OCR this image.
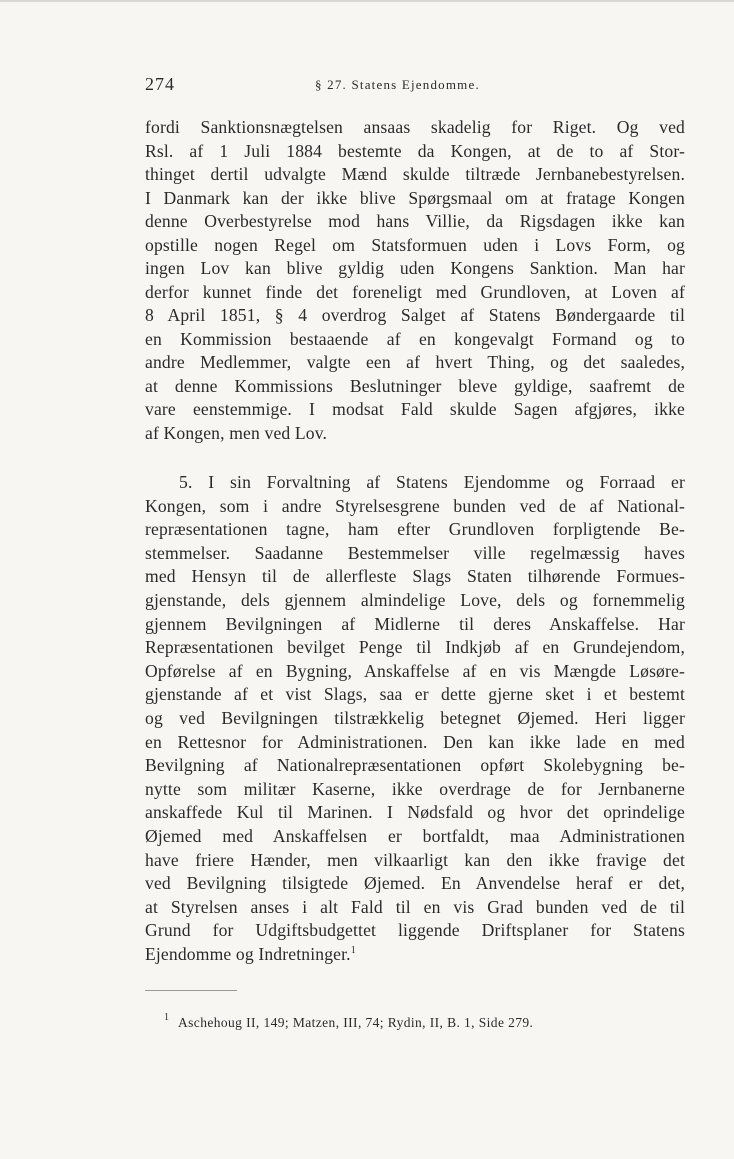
274	§ 27. Statens Ejendomme.
fordi Sanktionsnægtelsen ansaas skadelig for Riget. Og ved
Rsl. af 1 Juli 1884 bestemte da Kongen, at de to af Stor-
thinget dertil udvalgte Mænd skulde tiltræde Jernbanebestyrelsen.
I Danmark kan der ikke blive Spørgsmaal om at fratage Kongen
denne Overbestyrelse mod hans Villie, da Rigsdagen ikke kan
opstille nogen Regel om Statsformuen uden i Lovs Form, og
ingen Lov kan blive gyldig uden Kongens Sanktion. Man har
derfor kunnet finde det foreneligt med Grundloven, at Loven af
8 April 1851, § 4 overdrog Salget af Statens Bøndergaarde til
en Kommission bestaaende af en kongevalgt Formand og to
andre Medlemmer, valgte een af hvert Thing, og det saaledes,
at denne Kommissions Beslutninger bleve gyldige, saafremt de
vare eenstemmige. I modsat Fald skulde Sagen afgjøres, ikke
af Kongen, men ved Lov.
5. I sin Forvaltning af Statens Ejendomme og Forraad er
Kongen, som i andre Styrelsesgrene bunden ved de af National-
repræsentationen tagne, ham efter Grundloven forpligtende Be-
stemmelser. Saadanne Bestemmelser ville regelmæssig haves
med Hensyn til de allerfleste Slags Staten tilhørende Formues-
gjenstande, dels gjennem almindelige Love, dels og fornemmelig
gjennem Bevilgningen af Midlerne til deres Anskaffelse. Har
Repræsentationen bevilget Penge til Indkjøb af en Grundejendom,
Opførelse af en Bygning, Anskaffelse af en vis Mængde Løsøre-
gjenstande af et vist Slags, saa er dette gjerne sket i et bestemt
og ved Bevilgningen tilstrækkelig betegnet Øjemed. Heri ligger
en Rettesnor for Administrationen. Den kan ikke lade en med
Bevilgning af Nationalrepræsentationen opført Skolebygning be-
nytte som militær Kaserne, ikke overdrage de for Jernbanerne
anskaffede Kul til Marinen. I Nødsfald og hvor det oprindelige
Øjemed med Anskaffelsen er bortfaldt, maa Administrationen
have friere Hænder, men vilkaarligt kan den ikke fravige det
ved Bevilgning tilsigtede Øjemed. En Anvendelse heraf er det,
at Styrelsen anses i alt Fald til en vis Grad bunden ved de til
Grund for Udgiftsbudgettet liggende Driftsplaner for Statens
Ejendomme og Indretninger.$^1$
1 Aschehoug II, 149; Matzen, III, 74; Rydin, II, B. 1, Side 279.
